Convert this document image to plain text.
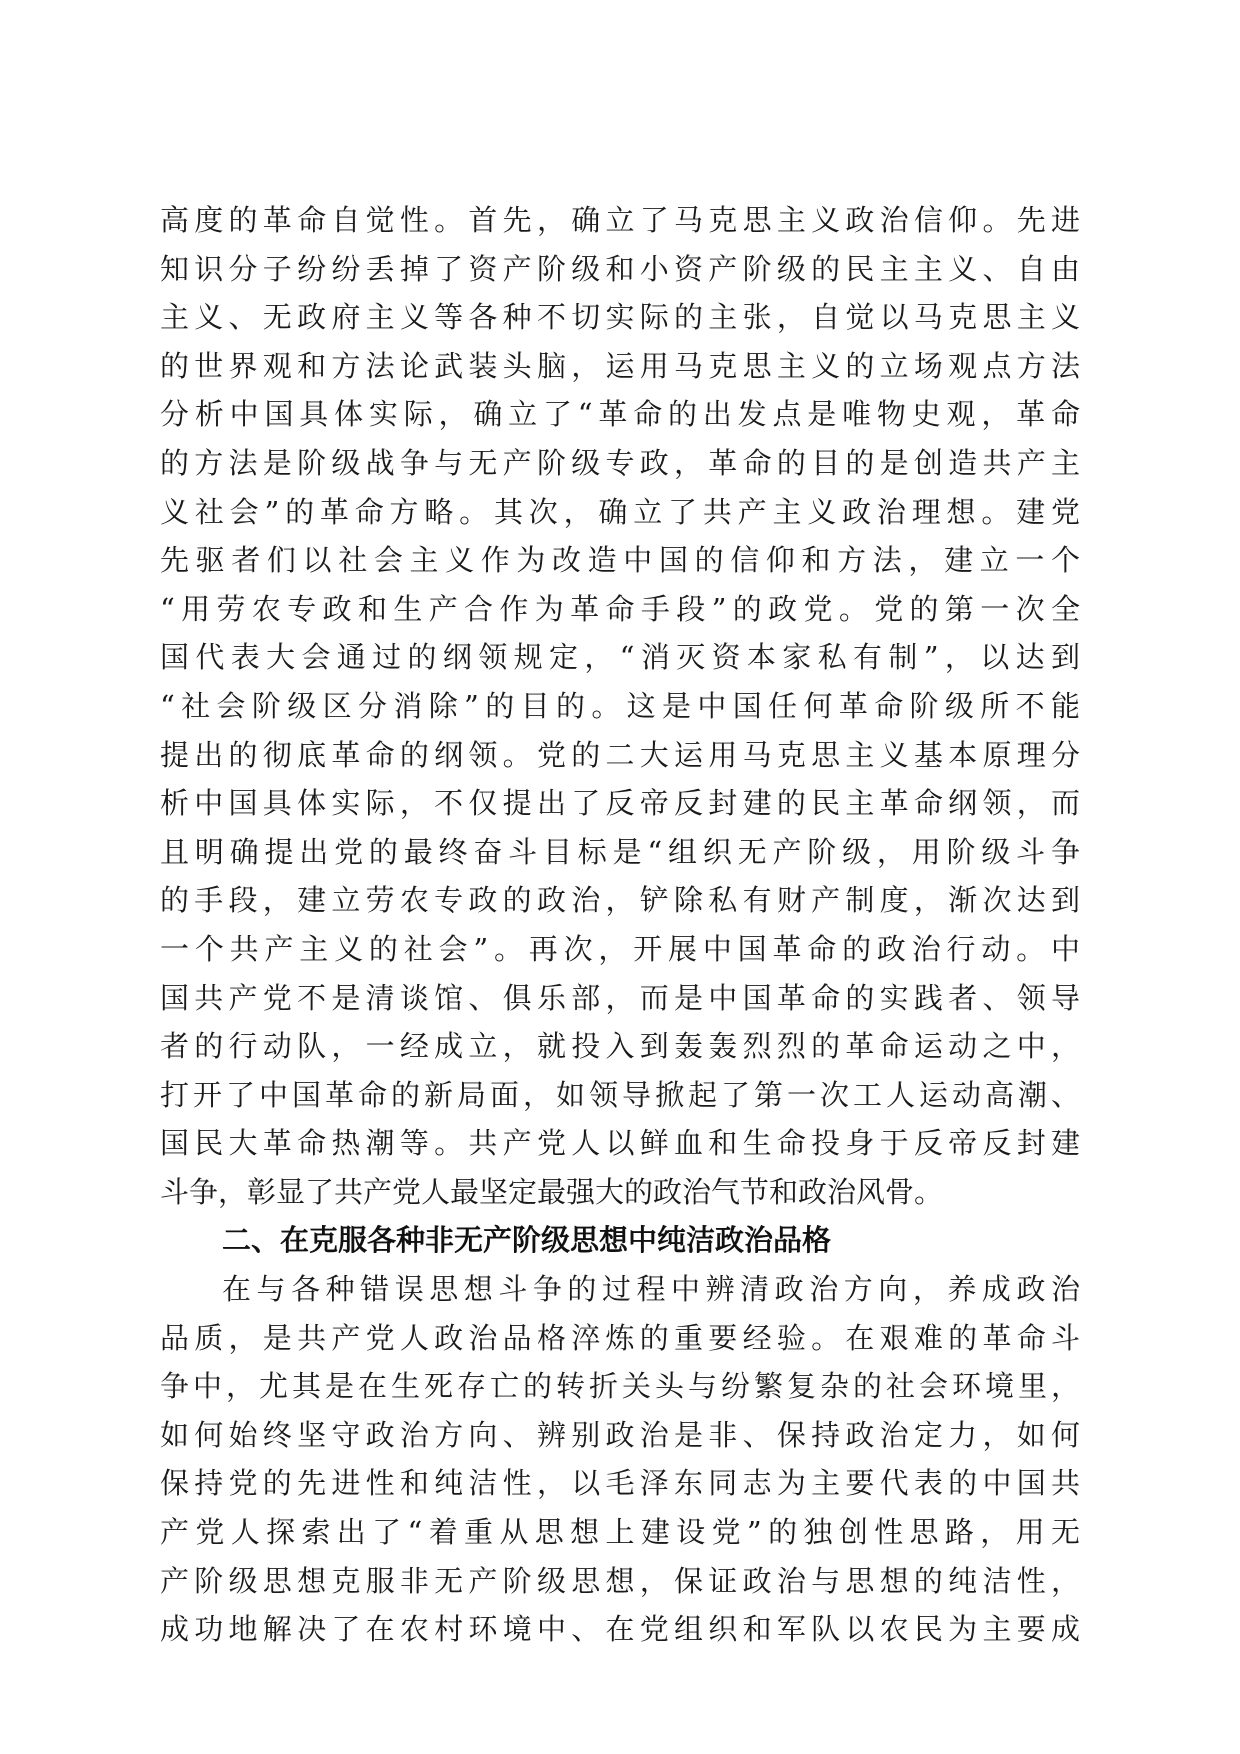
高度的革命自觉性。首先，确立了马克思主义政治信仰。先进
知识分子纷纷丢掉了资产阶级和小资产阶级的民主主义、自由
主义、无政府主义等各种不切实际的主张，自觉以马克思主义
的世界观和方法论武装头脑，运用马克思主义的立场观点方法
分析中国具体实际，确立了“革命的出发点是唯物史观，革命
的方法是阶级战争与无产阶级专政，革命的目的是创造共产主
义社会”的革命方略。其次，确立了共产主义政治理想。建党
先驱者们以社会主义作为改造中国的信仰和方法，建立一个
“用劳农专政和生产合作为革命手段”的政党。党的第一次全
国代表大会通过的纲领规定，“消灭资本家私有制”，以达到
“社会阶级区分消除”的目的。这是中国任何革命阶级所不能
提出的彻底革命的纲领。党的二大运用马克思主义基本原理分
析中国具体实际，不仅提出了反帝反封建的民主革命纲领，而
且明确提出党的最终奋斗目标是“组织无产阶级，用阶级斗争
的手段，建立劳农专政的政治，铲除私有财产制度，渐次达到
一个共产主义的社会”。再次，开展中国革命的政治行动。中
国共产党不是清谈馆、俱乐部，而是中国革命的实践者、领导
者的行动队，一经成立，就投入到轰轰烈烈的革命运动之中，
打开了中国革命的新局面，如领导掀起了第一次工人运动高潮、
国民大革命热潮等。共产党人以鲜血和生命投身于反帝反封建
斗争，彰显了共产党人最坚定最强大的政治气节和政治风骨。
二、在克服各种非无产阶级思想中纯洁政治品格
在与各种错误思想斗争的过程中辨清政治方向，养成政治
品质，是共产党人政治品格淬炼的重要经验。在艰难的革命斗
争中，尤其是在生死存亡的转折关头与纷繁复杂的社会环境里，
如何始终坚守政治方向、辨别政治是非、保持政治定力，如何
保持党的先进性和纯洁性，以毛泽东同志为主要代表的中国共
产党人探索出了“着重从思想上建设党”的独创性思路，用无
产阶级思想克服非无产阶级思想，保证政治与思想的纯洁性，
成功地解决了在农村环境中、在党组织和军队以农民为主要成
